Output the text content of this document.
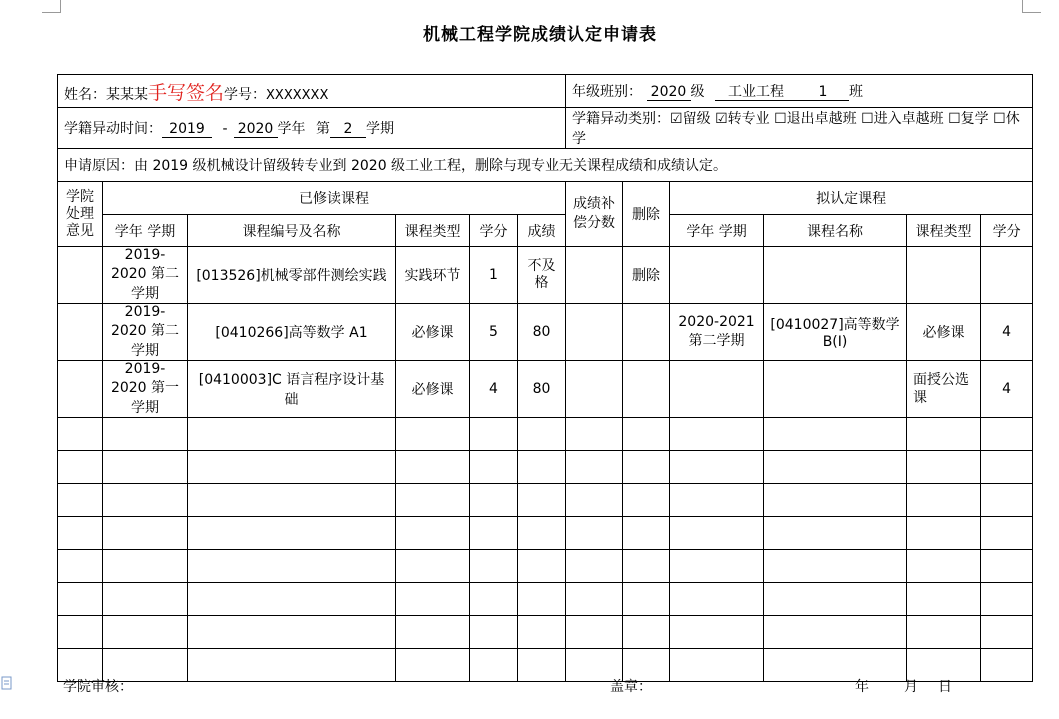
机械工程学院成绩认定申请表
姓名：某某某手写签名学号：XXXXXXX						年级班别： 2020 级 工业工程 1 班					
学籍异动时间： 2019 - 2020 学年 第 2 学期						学籍异动类别：☑留级 ☑转专业 ☐退出卓越班 ☐进入卓越班 ☐复学 ☐休学					
申请原因：由 2019 级机械设计留级转专业到 2020 级工业工程，删除与现专业无关课程成绩和成绩认定。											
学院处理意见	已修读课程					成绩补偿分数	删除	拟认定课程			
	学年 学期	课程编号及名称	课程类型	学分	成绩			学年 学期	课程名称	课程类型	学分
	2019-2020 第二学期	[013526]机械零部件测绘实践	实践环节	1	不及格		删除				
	2019-2020 第二学期	[0410266]高等数学 A1	必修课	5	80			2020-2021 第二学期	[0410027]高等数学 B(I)	必修课	4
	2019-2020 第一学期	[0410003]C 语言程序设计基础	必修课	4	80					面授公选课	4

学院审核：	盖章：	年	月 日
